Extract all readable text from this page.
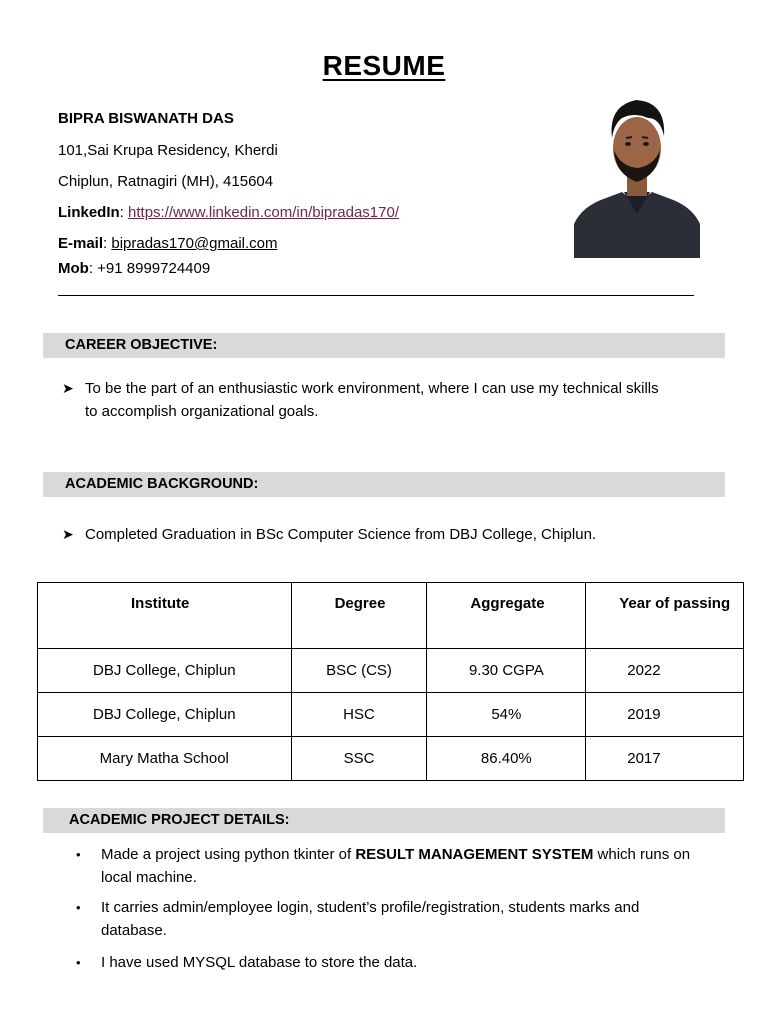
RESUME
BIPRA BISWANATH DAS
101,Sai Krupa Residency, Kherdi
Chiplun, Ratnagiri (MH), 415604
LinkedIn: https://www.linkedin.com/in/bipradas170/
E-mail: bipradas170@gmail.com
Mob: +91 8999724409
CAREER OBJECTIVE:
➤ To be the part of an enthusiastic work environment, where I can use my technical skills
to accomplish organizational goals.
ACADEMIC BACKGROUND:
➤ Completed Graduation in BSc Computer Science from DBJ College, Chiplun.
Institute	Degree	Aggregate	Year of passing
DBJ College, Chiplun	BSC (CS)	9.30 CGPA	2022
DBJ College, Chiplun	HSC	54%	2019
Mary Matha School	SSC	86.40%	2017
ACADEMIC PROJECT DETAILS:
• Made a project using python tkinter of RESULT MANAGEMENT SYSTEM which runs on
local machine.
• It carries admin/employee login, student’s profile/registration, students marks and
database.
• I have used MYSQL database to store the data.
